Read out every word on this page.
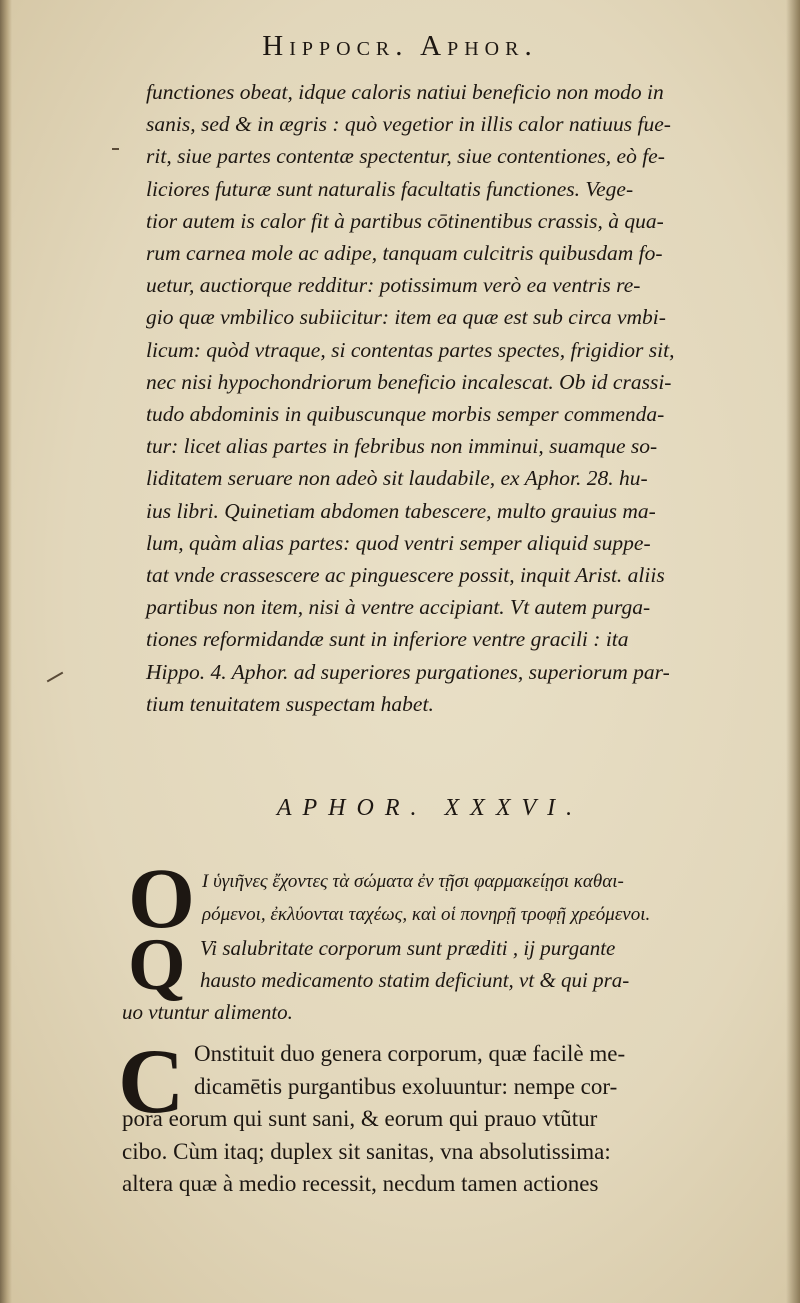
Hippocr. Aphor.
functiones obeat, idque caloris natiui beneficio non modo in
sanis, sed & in ægris : quò vegetior in illis calor natiuus fue-
rit, siue partes contentæ spectentur, siue contentiones, eò fe-
liciores futuræ sunt naturalis facultatis functiones. Vege-
tior autem is calor fit à partibus cōtinentibus crassis, à qua-
rum carnea mole ac adipe, tanquam culcitris quibusdam fo-
uetur, auctiorque redditur: potissimum verò ea ventris re-
gio quæ vmbilico subiicitur: item ea quæ est sub circa vmbi-
licum: quòd vtraque, si contentas partes spectes, frigidior sit,
nec nisi hypochondriorum beneficio incalescat. Ob id crassi-
tudo abdominis in quibuscunque morbis semper commenda-
tur: licet alias partes in febribus non imminui, suamque so-
liditatem seruare non adeò sit laudabile, ex Aphor. 28. hu-
ius libri. Quinetiam abdomen tabescere, multo grauius ma-
lum, quàm alias partes: quod ventri semper aliquid suppe-
tat vnde crassescere ac pinguescere possit, inquit Arist. aliis
partibus non item, nisi à ventre accipiant. Vt autem purga-
tiones reformidandæ sunt in inferiore ventre gracili : ita
Hippo. 4. Aphor. ad superiores purgationes, superiorum par-
tium tenuitatem suspectam habet.
APHOR. XXXVI.
O Ι ὑγιῆνες ἔχοντες τὰ σώματα ἐν τῇσι φαρμακείῃσι καθαι-
ρόμενοι, ἐκλύονται ταχέως, καὶ οἱ πονηρῇ τροφῇ χρεόμενοι.
Q Vi salubritate corporum sunt præditi , ij purgante
hausto medicamento statim deficiunt, vt & qui pra-
uo vtuntur alimento.
C Onstituit duo genera corporum, quæ facilè me-
dicamētis purgantibus exoluuntur: nempe cor-
pora eorum qui sunt sani, & eorum qui prauo vtũtur
cibo. Cùm itaq; duplex sit sanitas, vna absolutissima:
altera quæ à medio recessit, necdum tamen actiones
